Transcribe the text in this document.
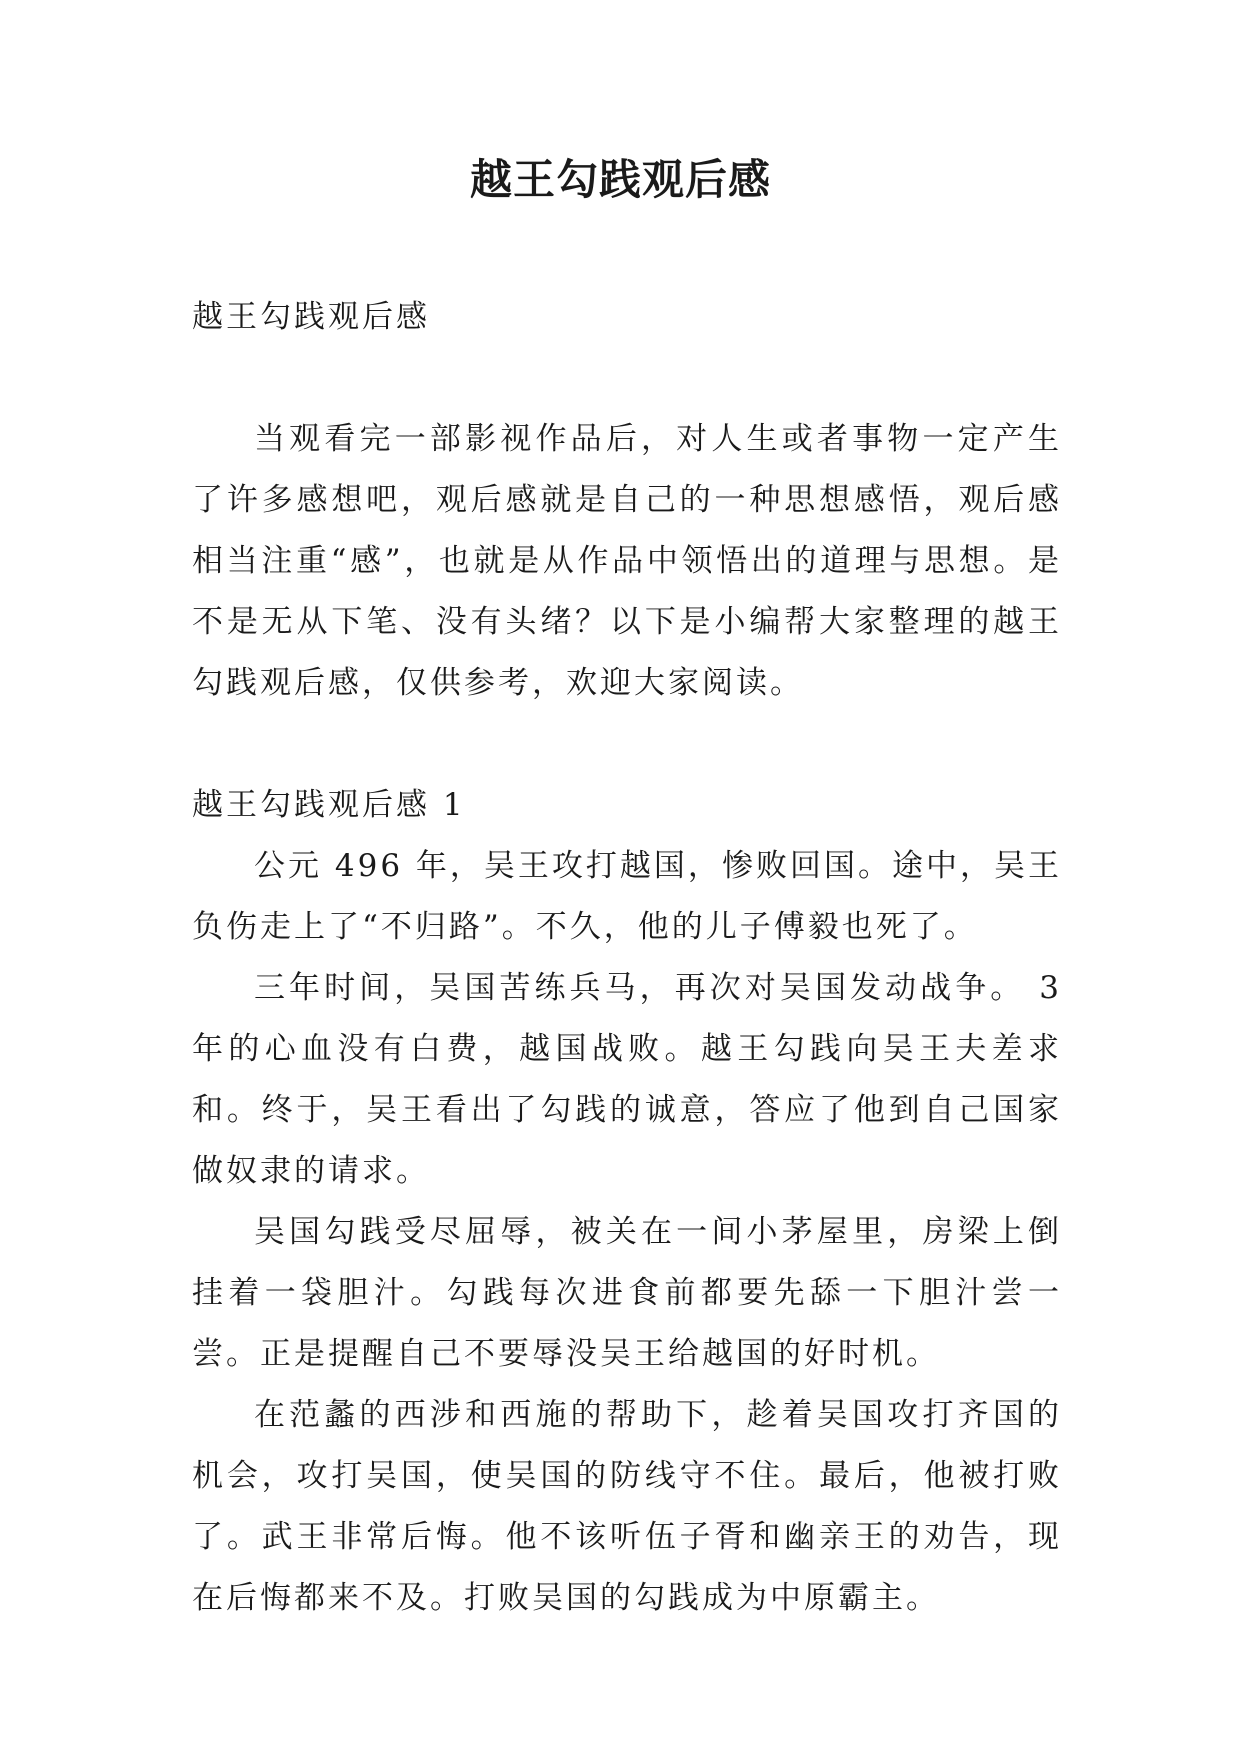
越王勾践观后感

越王勾践观后感

当观看完一部影视作品后，对人生或者事物一定产生了许多感想吧，观后感就是自己的一种思想感悟，观后感相当注重“感”，也就是从作品中领悟出的道理与思想。是不是无从下笔、没有头绪？以下是小编帮大家整理的越王勾践观后感，仅供参考，欢迎大家阅读。

越王勾践观后感 1

公元 496 年，吴王攻打越国，惨败回国。途中，吴王负伤走上了“不归路”。不久，他的儿子傅毅也死了。

三年时间，吴国苦练兵马，再次对吴国发动战争。 3 年的心血没有白费，越国战败。越王勾践向吴王夫差求和。终于，吴王看出了勾践的诚意，答应了他到自己国家做奴隶的请求。

吴国勾践受尽屈辱，被关在一间小茅屋里，房梁上倒挂着一袋胆汁。勾践每次进食前都要先舔一下胆汁尝一尝。正是提醒自己不要辱没吴王给越国的好时机。

在范蠡的西涉和西施的帮助下，趁着吴国攻打齐国的机会，攻打吴国，使吴国的防线守不住。最后，他被打败了。武王非常后悔。他不该听伍子胥和幽亲王的劝告，现在后悔都来不及。打败吴国的勾践成为中原霸主。
